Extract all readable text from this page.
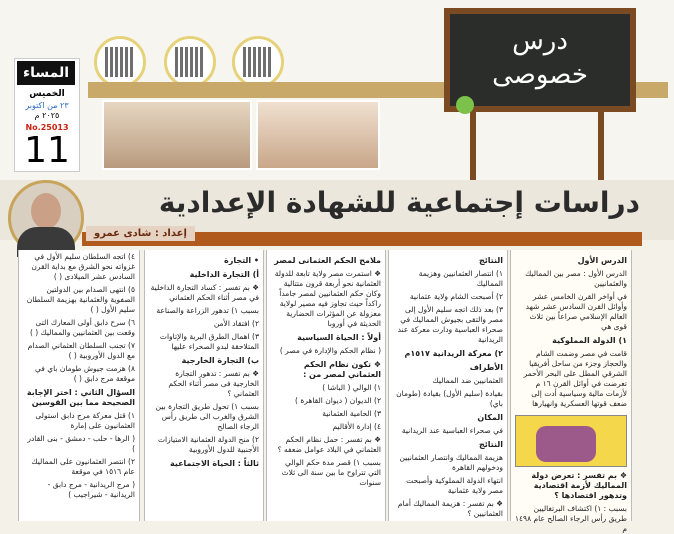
المساء
الخميس
٢٣ من اكتوبر
٢٠٢٥ م
No.25013
11
درس
خصوصى
دراسات إجتماعية للشهادة الإعدادية
إعداد : شادى عمرو

٤) اتجه السلطان سليم الأول في غزواته نحو الشرق مع بداية القرن السادس عشر الميلادى ( )

٥) انتهى الصدام بين الدولتين الصفوية والعثمانية بهزيمة السلطان سليم الأول ( )

٦) سرح دابق أولى المعارك التى وقعت بين العثمانيين والمماليك ( )

٧) تجنب السلطان العثماني الصدام مع الدول الأوروبية ( )

٨) هزمت جيوش طومان باي في موقعة مرج دابق ( )

السؤال الثاني : اختر الإجابة الصحيحة مما بين القوسين

١) قتل معركة مرج دابق استولى العثمانيون على إمارة

( الرها - حلب - دمشق - بنى القادر )

٢) انتصر العثمانيون على المماليك عام ١٥١٦ في موقعة

( مرج الريدانية - مرج دابق - الريدانية - شيراجيب )

• التجارة

أ) التجارة الداخلية

❖ بم تفسر : كساد التجارة الداخلية في مصر أثناء الحكم العثماني

بسبب ١) تدهور الزراعة والصناعة

٢) افتقاد الأمن

٣) اهمال الطرق البرية والإتاوات المتلاحقة لبدو الصحراء عليها

ب) التجارة الخارجية

❖ بم تفسر : تدهور التجارة الخارجية فى مصر أثناء الحكم العثماني ؟

بسبب ١) تحول طريق التجارة بين الشرق والغرب الى طريق رأس الرجاء الصالح

٢) منح الدولة العثمانية الامتيازات الأجنبية للدول الأوروبية

ثالثاً : الحياة الاجتماعية

ملامح الحكم العثمانى لمصر

❖ استمرت مصر ولاية تابعة للدولة العثمانية نحو أربعة قرون متتالية وكان حكم العثمانيين لمصر جامداً راكداً حيث تجاوز فيه مصير لولاية معزولة عن المؤثرات الحضارية الحديثة في أوروبا

أولاً : الحياة السياسية

( نظام الحكم والإدارة في مصر )

❖ تكون نظام الحكم العثماني لمصر من :

١) الوالي ( الباشا )

٢) الديوان ( ديوان القاهرة )

٣) الحامية العثمانية

٤) إدارة الأقاليم

❖ بم تفسر : حمل نظام الحكم العثماني في البلاد عوامل ضعفه ؟

بسبب ١) قصر مدة حكم الوالي التي تتراوح ما بين سنة الى ثلاث سنوات

النتائج

١) انتصار العثمانيين وهزيمة المماليك

٢) أصبحت الشام ولاية عثمانية

٣) بعد ذلك اتجه سليم الأول إلى مصر والتقى بجيوش المماليك في صحراء العباسية ودارت معركة عند الريدانية

٢) معركة الريدانية ١٥١٧م

الأطراف

العثمانيين ضد المماليك

بقيادة (سليم الأول) بقيادة (طومان باي)

المكان

في صحراء العباسية عند الريدانية

النتائج

هزيمة المماليك وانتصار العثمانيين ودخولهم القاهرة

انتهاء الدولة المملوكية وأصبحت مصر ولاية عثمانية

❖ بم تفسر : هزيمة المماليك أمام العثمانيين ؟

الدرس الأول

الدرس الأول : مصر بين المماليك والعثمانيين

في أواخر القرن الخامس عشر وأوائل القرن السادس عشر شهد العالم الإسلامي صراعاً بين ثلاث قوى هي

١) الدولة المملوكية

قامت في مصر وضمت الشام والحجاز وجزء من ساحل أفريقيا الشرقي المطل على البحر الأحمر تعرضت في أوائل القرن ١٦ م لأزمات مالية وسياسية أدت إلى ضعف قوتها العسكرية وانهيارها

❖ بم تفسر : تعرض دولة المماليك لأزمة اقتصادية وتدهور اقتصادها ؟

بسبب : ١) اكتشاف البرتغاليين طريق رأس الرجاء الصالح عام ١٤٩٨ م
